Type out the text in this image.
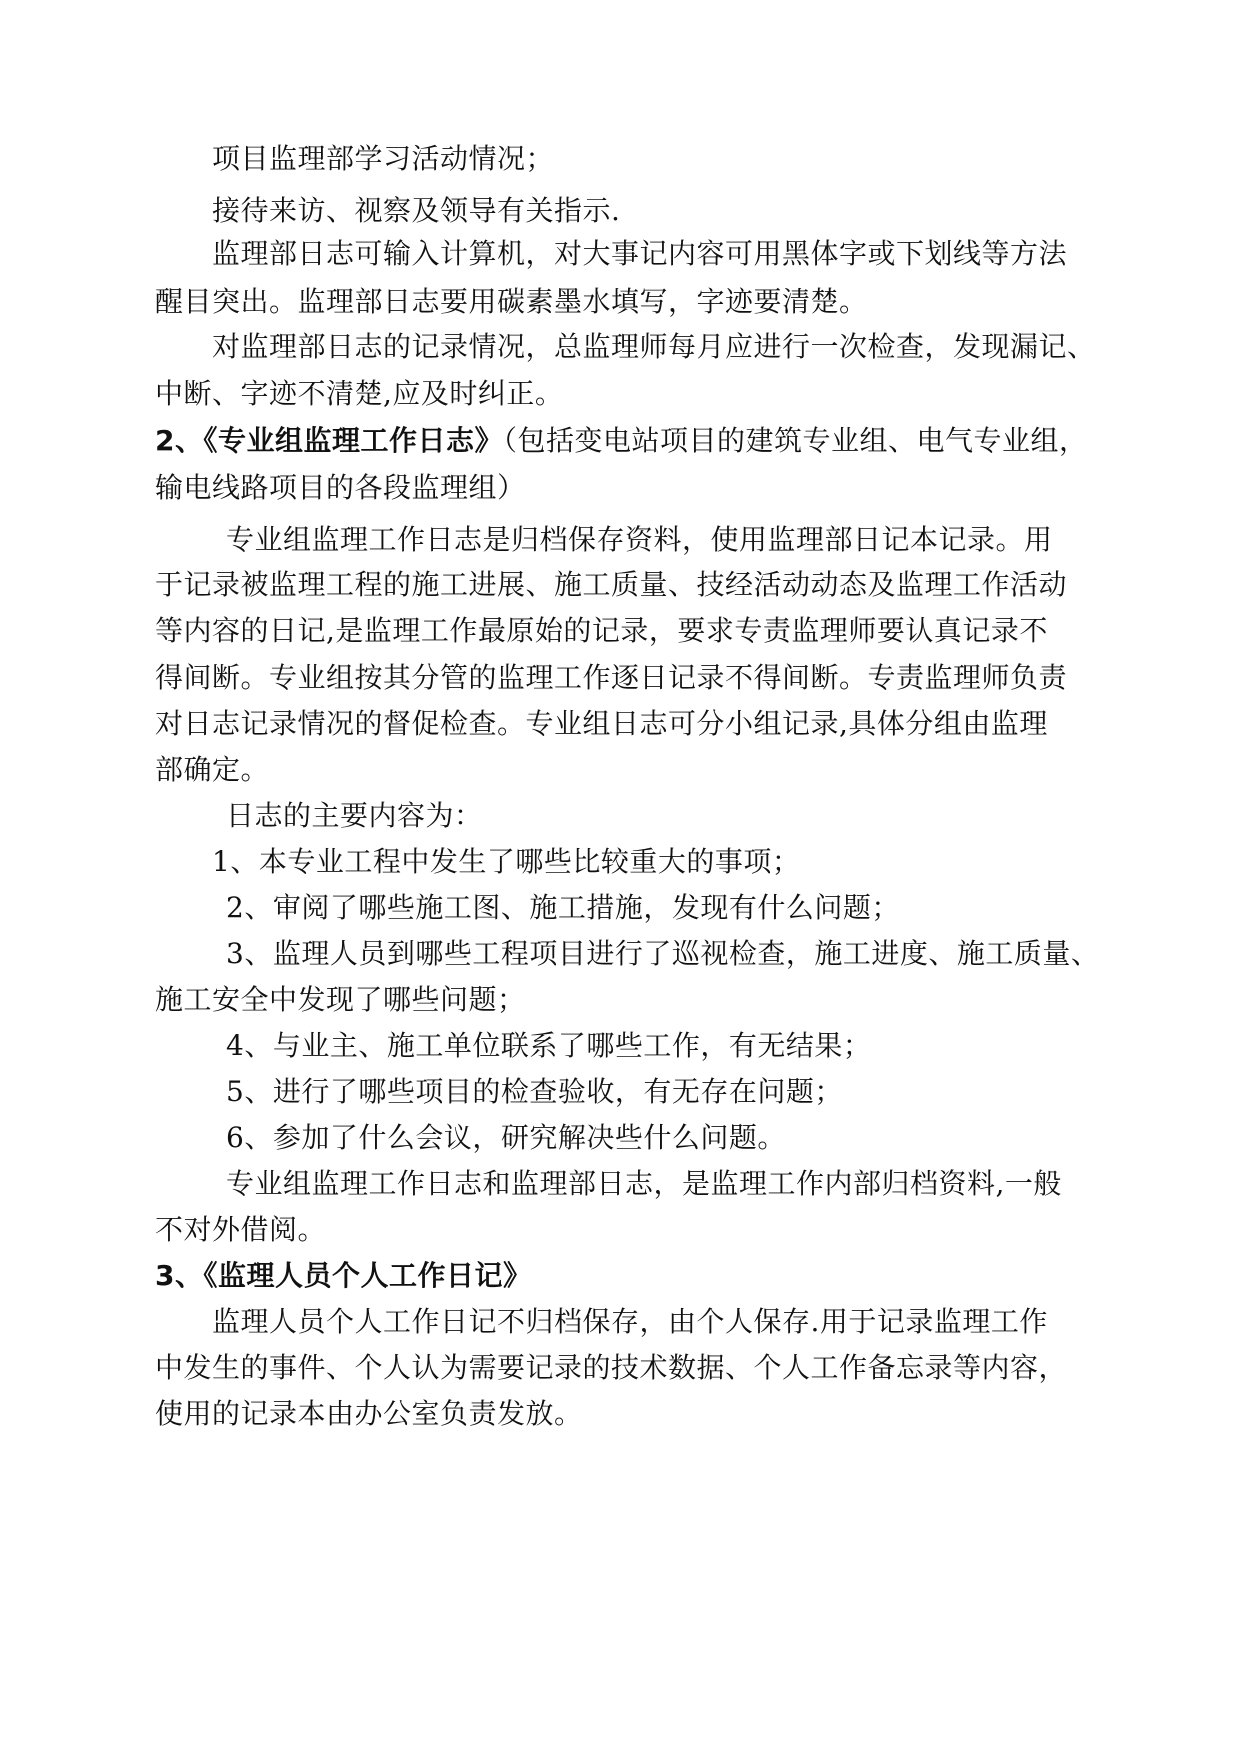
项目监理部学习活动情况；
接待来访、视察及领导有关指示.
监理部日志可输入计算机，对大事记内容可用黑体字或下划线等方法
醒目突出。监理部日志要用碳素墨水填写，字迹要清楚。
对监理部日志的记录情况，总监理师每月应进行一次检查，发现漏记、
中断、字迹不清楚,应及时纠正。
2、《专业组监理工作日志》（包括变电站项目的建筑专业组、电气专业组，
输电线路项目的各段监理组）
专业组监理工作日志是归档保存资料，使用监理部日记本记录。用
于记录被监理工程的施工进展、施工质量、技经活动动态及监理工作活动
等内容的日记,是监理工作最原始的记录，要求专责监理师要认真记录不
得间断。专业组按其分管的监理工作逐日记录不得间断。专责监理师负责
对日志记录情况的督促检查。专业组日志可分小组记录,具体分组由监理
部确定。
日志的主要内容为：
1、本专业工程中发生了哪些比较重大的事项；
2、审阅了哪些施工图、施工措施，发现有什么问题；
3、监理人员到哪些工程项目进行了巡视检查，施工进度、施工质量、
施工安全中发现了哪些问题；
4、与业主、施工单位联系了哪些工作，有无结果；
5、进行了哪些项目的检查验收，有无存在问题；
6、参加了什么会议，研究解决些什么问题。
专业组监理工作日志和监理部日志，是监理工作内部归档资料,一般
不对外借阅。
3、《监理人员个人工作日记》
监理人员个人工作日记不归档保存，由个人保存.用于记录监理工作
中发生的事件、个人认为需要记录的技术数据、个人工作备忘录等内容，
使用的记录本由办公室负责发放。
